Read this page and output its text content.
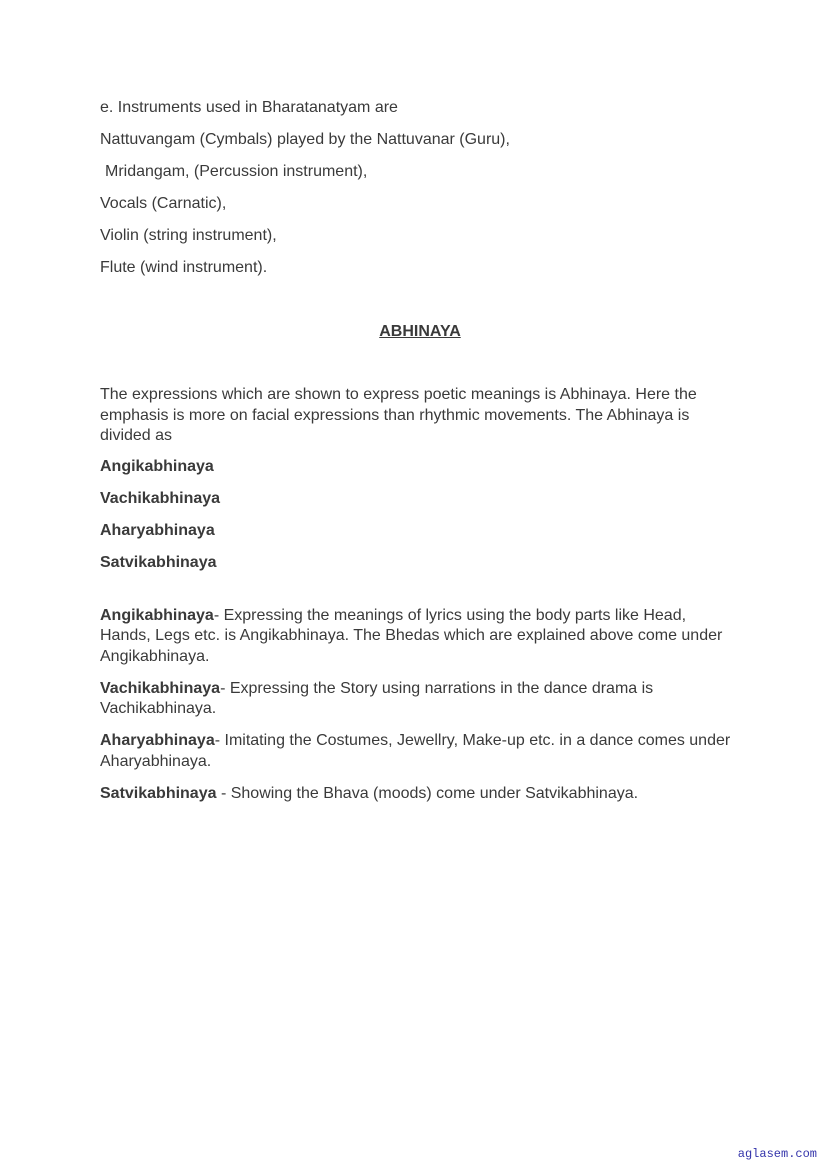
e. Instruments used in Bharatanatyam are

Nattuvangam (Cymbals) played by the Nattuvanar (Guru),

Mridangam, (Percussion instrument),

Vocals (Carnatic),

Violin (string instrument),

Flute (wind instrument).

ABHINAYA

The expressions which are shown to express poetic meanings is Abhinaya. Here the emphasis is more on facial expressions than rhythmic movements. The Abhinaya is divided as

Angikabhinaya

Vachikabhinaya

Aharyabhinaya

Satvikabhinaya

Angikabhinaya- Expressing the meanings of lyrics using the body parts like Head, Hands, Legs etc. is Angikabhinaya. The Bhedas which are explained above come under Angikabhinaya.

Vachikabhinaya- Expressing the Story using narrations in the dance drama is Vachikabhinaya.

Aharyabhinaya- Imitating the Costumes, Jewellry, Make-up etc. in a dance comes under Aharyabhinaya.

Satvikabhinaya - Showing the Bhava (moods) come under Satvikabhinaya.

aglasem.com
